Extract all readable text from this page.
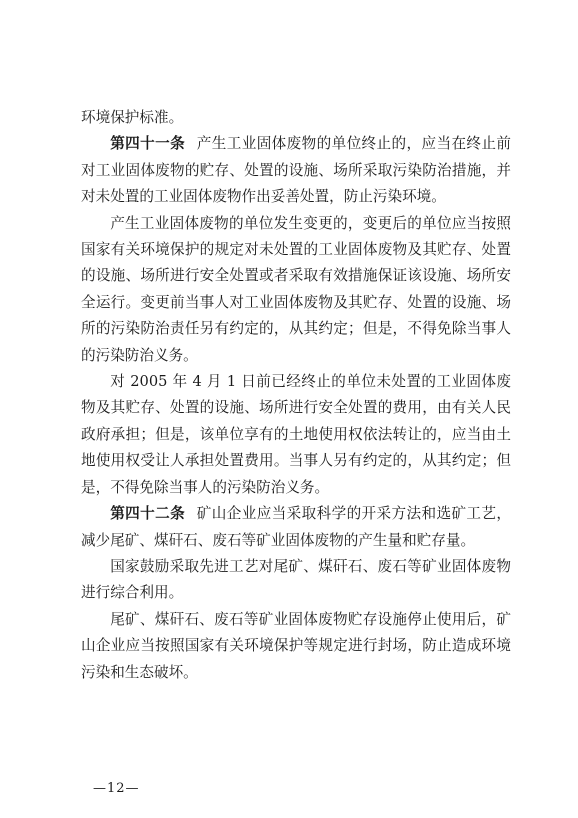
环境保护标准。

第四十一条 产生工业固体废物的单位终止的，应当在终止前对工业固体废物的贮存、处置的设施、场所采取污染防治措施，并对未处置的工业固体废物作出妥善处置，防止污染环境。

产生工业固体废物的单位发生变更的，变更后的单位应当按照国家有关环境保护的规定对未处置的工业固体废物及其贮存、处置的设施、场所进行安全处置或者采取有效措施保证该设施、场所安全运行。变更前当事人对工业固体废物及其贮存、处置的设施、场所的污染防治责任另有约定的，从其约定；但是，不得免除当事人的污染防治义务。

对 2005 年 4 月 1 日前已经终止的单位未处置的工业固体废物及其贮存、处置的设施、场所进行安全处置的费用，由有关人民政府承担；但是，该单位享有的土地使用权依法转让的，应当由土地使用权受让人承担处置费用。当事人另有约定的，从其约定；但是，不得免除当事人的污染防治义务。

第四十二条 矿山企业应当采取科学的开采方法和选矿工艺，减少尾矿、煤矸石、废石等矿业固体废物的产生量和贮存量。

国家鼓励采取先进工艺对尾矿、煤矸石、废石等矿业固体废物进行综合利用。

尾矿、煤矸石、废石等矿业固体废物贮存设施停止使用后，矿山企业应当按照国家有关环境保护等规定进行封场，防止造成环境污染和生态破坏。

—12—
